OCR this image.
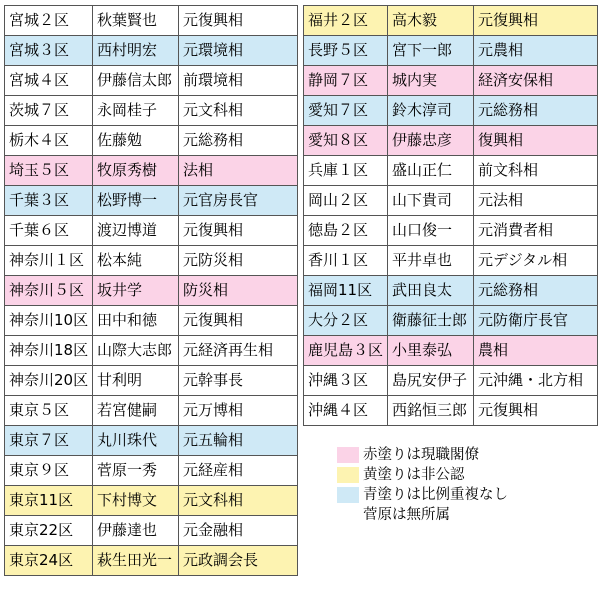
宮城２区	秋葉賢也	元復興相
宮城３区	西村明宏	元環境相
宮城４区	伊藤信太郎	前環境相
茨城７区	永岡桂子	元文科相
栃木４区	佐藤勉	元総務相
埼玉５区	牧原秀樹	法相
千葉３区	松野博一	元官房長官
千葉６区	渡辺博道	元復興相
神奈川１区	松本純	元防災相
神奈川５区	坂井学	防災相
神奈川10区	田中和徳	元復興相
神奈川18区	山際大志郎	元経済再生相
神奈川20区	甘利明	元幹事長
東京５区	若宮健嗣	元万博相
東京７区	丸川珠代	元五輪相
東京９区	菅原一秀	元経産相
東京11区	下村博文	元文科相
東京22区	伊藤達也	元金融相
東京24区	萩生田光一	元政調会長
福井２区	高木毅	元復興相
長野５区	宮下一郎	元農相
静岡７区	城内実	経済安保相
愛知７区	鈴木淳司	元総務相
愛知８区	伊藤忠彦	復興相
兵庫１区	盛山正仁	前文科相
岡山２区	山下貴司	元法相
徳島２区	山口俊一	元消費者相
香川１区	平井卓也	元デジタル相
福岡11区	武田良太	元総務相
大分２区	衛藤征士郎	元防衛庁長官
鹿児島３区	小里泰弘	農相
沖縄３区	島尻安伊子	元沖縄・北方相
沖縄４区	西銘恒三郎	元復興相
赤塗りは現職閣僚
黄塗りは非公認
青塗りは比例重複なし
菅原は無所属
